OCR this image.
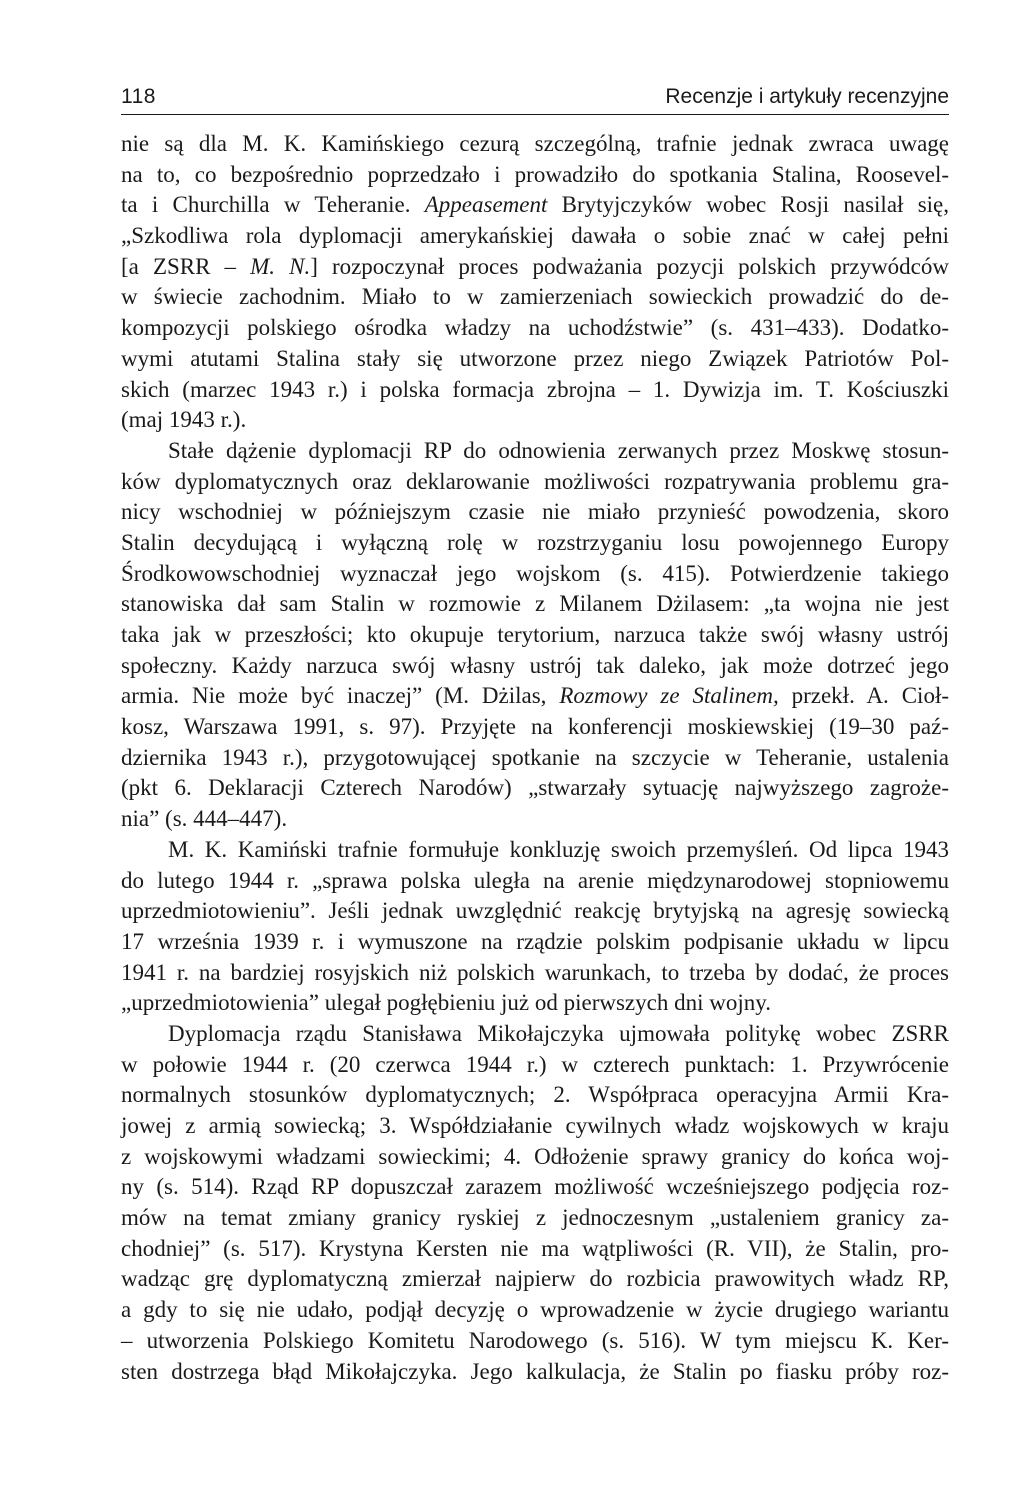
118	Recenzje i artykuły recenzyjne
nie są dla M. K. Kamińskiego cezurą szczególną, trafnie jednak zwraca uwagę
na to, co bezpośrednio poprzedzało i prowadziło do spotkania Stalina, Roosevel-
ta i Churchilla w Teheranie. Appeasement Brytyjczyków wobec Rosji nasilał się,
„Szkodliwa rola dyplomacji amerykańskiej dawała o sobie znać w całej pełni
[a ZSRR – M. N.] rozpoczynał proces podważania pozycji polskich przywódców
w świecie zachodnim. Miało to w zamierzeniach sowieckich prowadzić do de-
kompozycji polskiego ośrodka władzy na uchodźstwie” (s. 431–433). Dodatko-
wymi atutami Stalina stały się utworzone przez niego Związek Patriotów Pol-
skich (marzec 1943 r.) i polska formacja zbrojna – 1. Dywizja im. T. Kościuszki
(maj 1943 r.).
Stałe dążenie dyplomacji RP do odnowienia zerwanych przez Moskwę stosun-
ków dyplomatycznych oraz deklarowanie możliwości rozpatrywania problemu gra-
nicy wschodniej w późniejszym czasie nie miało przynieść powodzenia, skoro
Stalin decydującą i wyłączną rolę w rozstrzyganiu losu powojennego Europy
Środkowowschodniej wyznaczał jego wojskom (s. 415). Potwierdzenie takiego
stanowiska dał sam Stalin w rozmowie z Milanem Dżilasem: „ta wojna nie jest
taka jak w przeszłości; kto okupuje terytorium, narzuca także swój własny ustrój
społeczny. Każdy narzuca swój własny ustrój tak daleko, jak może dotrzeć jego
armia. Nie może być inaczej” (M. Dżilas, Rozmowy ze Stalinem, przekł. A. Cioł-
kosz, Warszawa 1991, s. 97). Przyjęte na konferencji moskiewskiej (19–30 paź-
dziernika 1943 r.), przygotowującej spotkanie na szczycie w Teheranie, ustalenia
(pkt 6. Deklaracji Czterech Narodów) „stwarzały sytuację najwyższego zagroże-
nia” (s. 444–447).
M. K. Kamiński trafnie formułuje konkluzję swoich przemyśleń. Od lipca 1943
do lutego 1944 r. „sprawa polska uległa na arenie międzynarodowej stopniowemu
uprzedmiotowieniu”. Jeśli jednak uwzględnić reakcję brytyjską na agresję sowiecką
17 września 1939 r. i wymuszone na rządzie polskim podpisanie układu w lipcu
1941 r. na bardziej rosyjskich niż polskich warunkach, to trzeba by dodać, że proces
„uprzedmiotowienia” ulegał pogłębieniu już od pierwszych dni wojny.
Dyplomacja rządu Stanisława Mikołajczyka ujmowała politykę wobec ZSRR
w połowie 1944 r. (20 czerwca 1944 r.) w czterech punktach: 1. Przywrócenie
normalnych stosunków dyplomatycznych; 2. Współpraca operacyjna Armii Kra-
jowej z armią sowiecką; 3. Współdziałanie cywilnych władz wojskowych w kraju
z wojskowymi władzami sowieckimi; 4. Odłożenie sprawy granicy do końca woj-
ny (s. 514). Rząd RP dopuszczał zarazem możliwość wcześniejszego podjęcia roz-
mów na temat zmiany granicy ryskiej z jednoczesnym „ustaleniem granicy za-
chodniej” (s. 517). Krystyna Kersten nie ma wątpliwości (R. VII), że Stalin, pro-
wadząc grę dyplomatyczną zmierzał najpierw do rozbicia prawowitych władz RP,
a gdy to się nie udało, podjął decyzję o wprowadzenie w życie drugiego wariantu
– utworzenia Polskiego Komitetu Narodowego (s. 516). W tym miejscu K. Ker-
sten dostrzega błąd Mikołajczyka. Jego kalkulacja, że Stalin po fiasku próby roz-
